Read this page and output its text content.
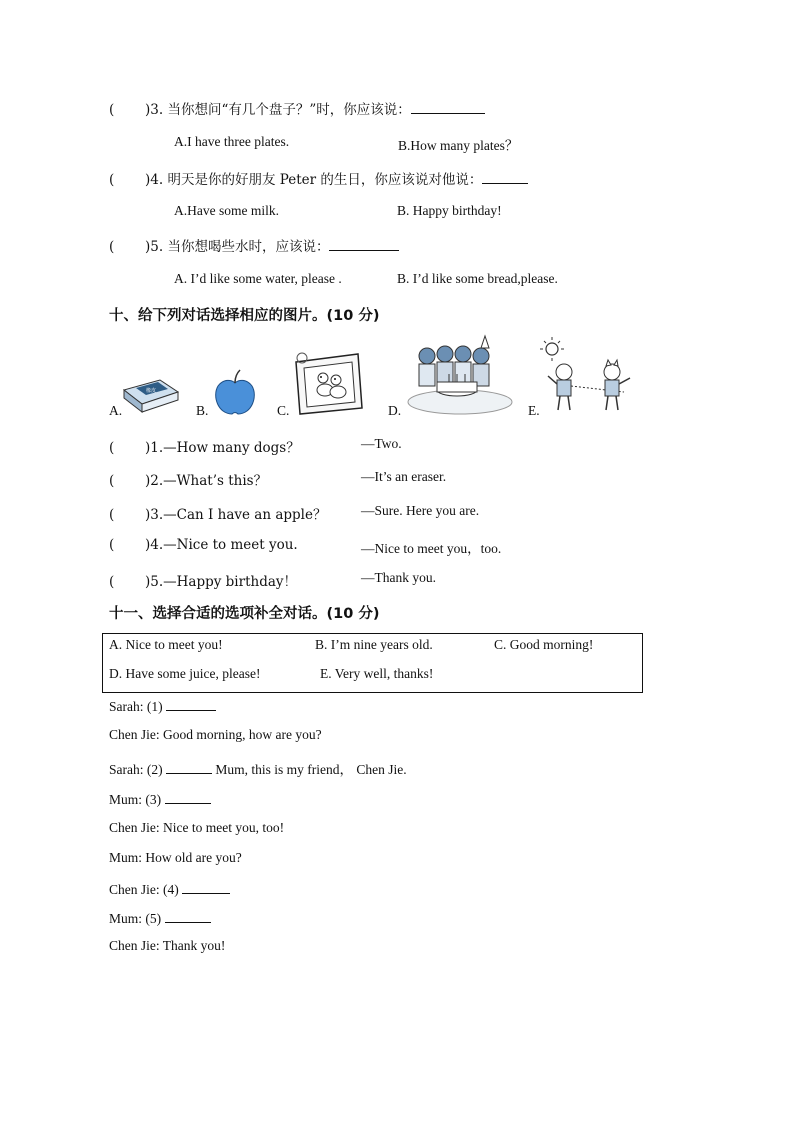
( )3. 当你想问“有几个盘子？”时，你应该说：
A.I have three plates.	B.How many plates？
( )4. 明天是你的好朋友 Peter 的生日，你应该说对他说：
A.Have some milk.	B. Happy birthday!
( )5. 当你想喝些水时，应该说：
A. I’d like some water, please .	B. I’d like some bread,please.
十、给下列对话选择相应的图片。(10 分)
A.	B.	C.	D.	E.
橡皮
( )1.—How many dogs？	—Two.
( )2.—What’s this？	—It’s an eraser.
( )3.—Can I have an apple？	—Sure. Here you are.
( )4.—Nice to meet you.	—Nice to meet you，too.
( )5.—Happy birthday！	—Thank you.
十一、选择合适的选项补全对话。(10 分)
A. Nice to meet you!	B. I’m nine years old.	C. Good morning!
D. Have some juice, please!	E. Very well, thanks!
Sarah: (1)
Chen Jie: Good morning, how are you?
Sarah: (2)	Mum, this is my friend， Chen Jie.
Mum: (3)
Chen Jie: Nice to meet you, too!
Mum: How old are you?
Chen Jie: (4)
Mum: (5)
Chen Jie: Thank you!
